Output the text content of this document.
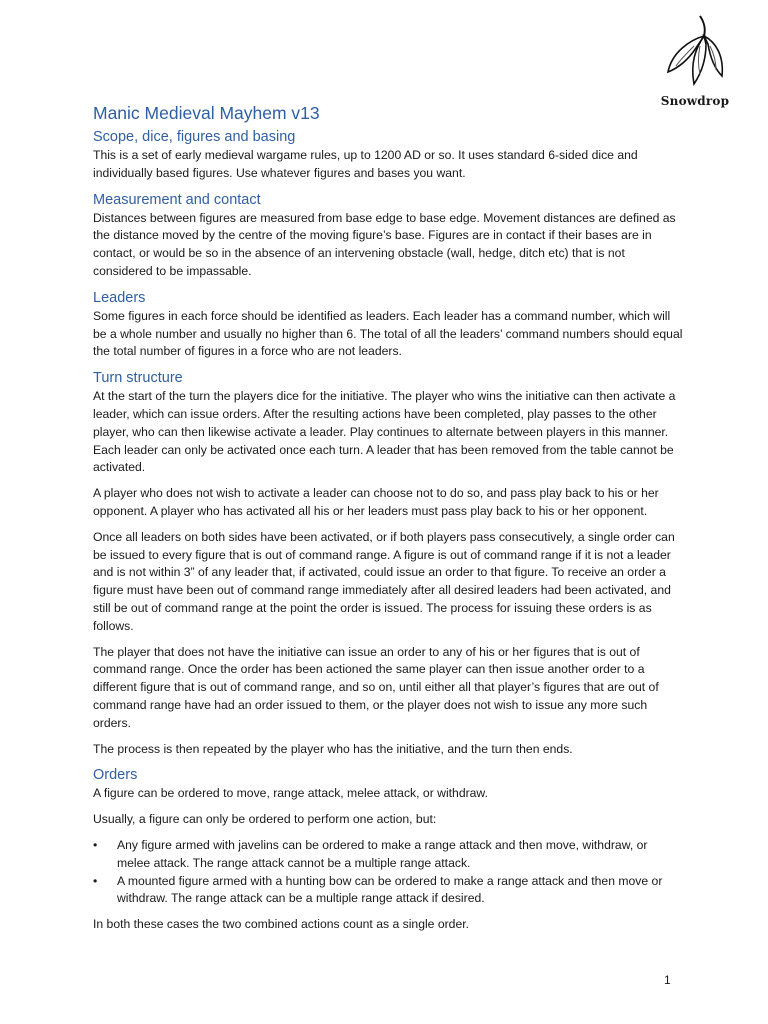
Snowdrop
Manic Medieval Mayhem v13
Scope, dice, figures and basing

This is a set of early medieval wargame rules, up to 1200 AD or so. It uses standard 6-sided dice and individually based figures. Use whatever figures and bases you want.

Measurement and contact

Distances between figures are measured from base edge to base edge. Movement distances are defined as the distance moved by the centre of the moving figure’s base. Figures are in contact if their bases are in contact, or would be so in the absence of an intervening obstacle (wall, hedge, ditch etc) that is not considered to be impassable.

Leaders

Some figures in each force should be identified as leaders. Each leader has a command number, which will be a whole number and usually no higher than 6. The total of all the leaders’ command numbers should equal the total number of figures in a force who are not leaders.

Turn structure

At the start of the turn the players dice for the initiative. The player who wins the initiative can then activate a leader, which can issue orders. After the resulting actions have been completed, play passes to the other player, who can then likewise activate a leader. Play continues to alternate between players in this manner. Each leader can only be activated once each turn. A leader that has been removed from the table cannot be activated.

A player who does not wish to activate a leader can choose not to do so, and pass play back to his or her opponent. A player who has activated all his or her leaders must pass play back to his or her opponent.

Once all leaders on both sides have been activated, or if both players pass consecutively, a single order can be issued to every figure that is out of command range. A figure is out of command range if it is not a leader and is not within 3” of any leader that, if activated, could issue an order to that figure. To receive an order a figure must have been out of command range immediately after all desired leaders had been activated, and still be out of command range at the point the order is issued. The process for issuing these orders is as follows.

The player that does not have the initiative can issue an order to any of his or her figures that is out of command range. Once the order has been actioned the same player can then issue another order to a different figure that is out of command range, and so on, until either all that player’s figures that are out of command range have had an order issued to them, or the player does not wish to issue any more such orders.

The process is then repeated by the player who has the initiative, and the turn then ends.

Orders

A figure can be ordered to move, range attack, melee attack, or withdraw.

Usually, a figure can only be ordered to perform one action, but:

• Any figure armed with javelins can be ordered to make a range attack and then move, withdraw, or melee attack. The range attack cannot be a multiple range attack.
• A mounted figure armed with a hunting bow can be ordered to make a range attack and then move or withdraw. The range attack can be a multiple range attack if desired.

In both these cases the two combined actions count as a single order.

1
